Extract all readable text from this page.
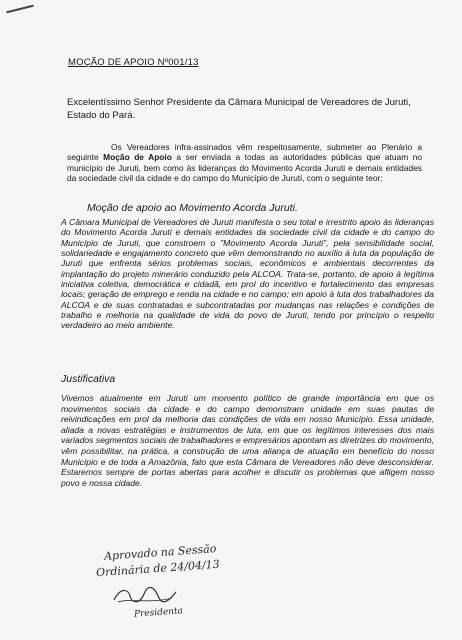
MOÇÃO DE APOIO Nº001/13
Excelentíssimo Senhor Presidente da Câmara Municipal de Vereadores de Juruti, Estado do Pará.
Os Vereadores infra-assinados vêm respeitosamente, submeter ao Plenário a seguinte Moção de Apoio a ser enviada a todas as autoridades públicas que atuam no município de Juruti, bem como às lideranças do Movimento Acorda Juruti e demais entidades da sociedade civil da cidade e do campo do Município de Juruti, com o seguinte teor:
Moção de apoio ao Movimento Acorda Juruti.
A Câmara Municipal de Vereadores de Juruti manifesta o seu total e irrestrito apoio às lideranças do Movimento Acorda Juruti e demais entidades da sociedade civil da cidade e do campo do Município de Juruti, que constroem o "Movimento Acorda Juruti", pela sensibilidade social, solidariedade e engajamento concreto que vêm demonstrando no auxílio à luta da população de Juruti que enfrenta sérios problemas sociais, econômicos e ambientais decorrentes da implantação do projeto minerário conduzido pela ALCOA. Trata-se, portanto, de apoio à legítima iniciativa coletiva, democrática e cidadã, em prol do incentivo e fortalecimento das empresas locais; geração de emprego e renda na cidade e no campo; em apoio à luta dos trabalhadores da ALCOA e de suas contratadas e subcontratadas por mudanças nas relações e condições de trabalho e melhoria na qualidade de vida do povo de Juruti, tendo por princípio o respeito verdadeiro ao meio ambiente.
Justificativa
Vivemos atualmente em Juruti um momento político de grande importância em que os movimentos sociais da cidade e do campo demonstram unidade em suas pautas de reivindicações em prol da melhoria das condições de vida em nosso Município. Essa unidade, aliada a novas estratégias e instrumentos de luta, em que os legítimos interesses dos mais variados segmentos sociais de trabalhadores e empresários apontam as diretrizes do movimento, vêm possibilitar, na prática, a construção de uma aliança de atuação em benefício do nosso Município e de toda a Amazônia, fato que esta Câmara de Vereadores não deve desconsiderar. Estaremos sempre de portas abertas para acolher e discutir os problemas que afligem nosso povo e nossa cidade.
Aprovado na Sessão
Ordinária de 24/04/13
Presidenta
